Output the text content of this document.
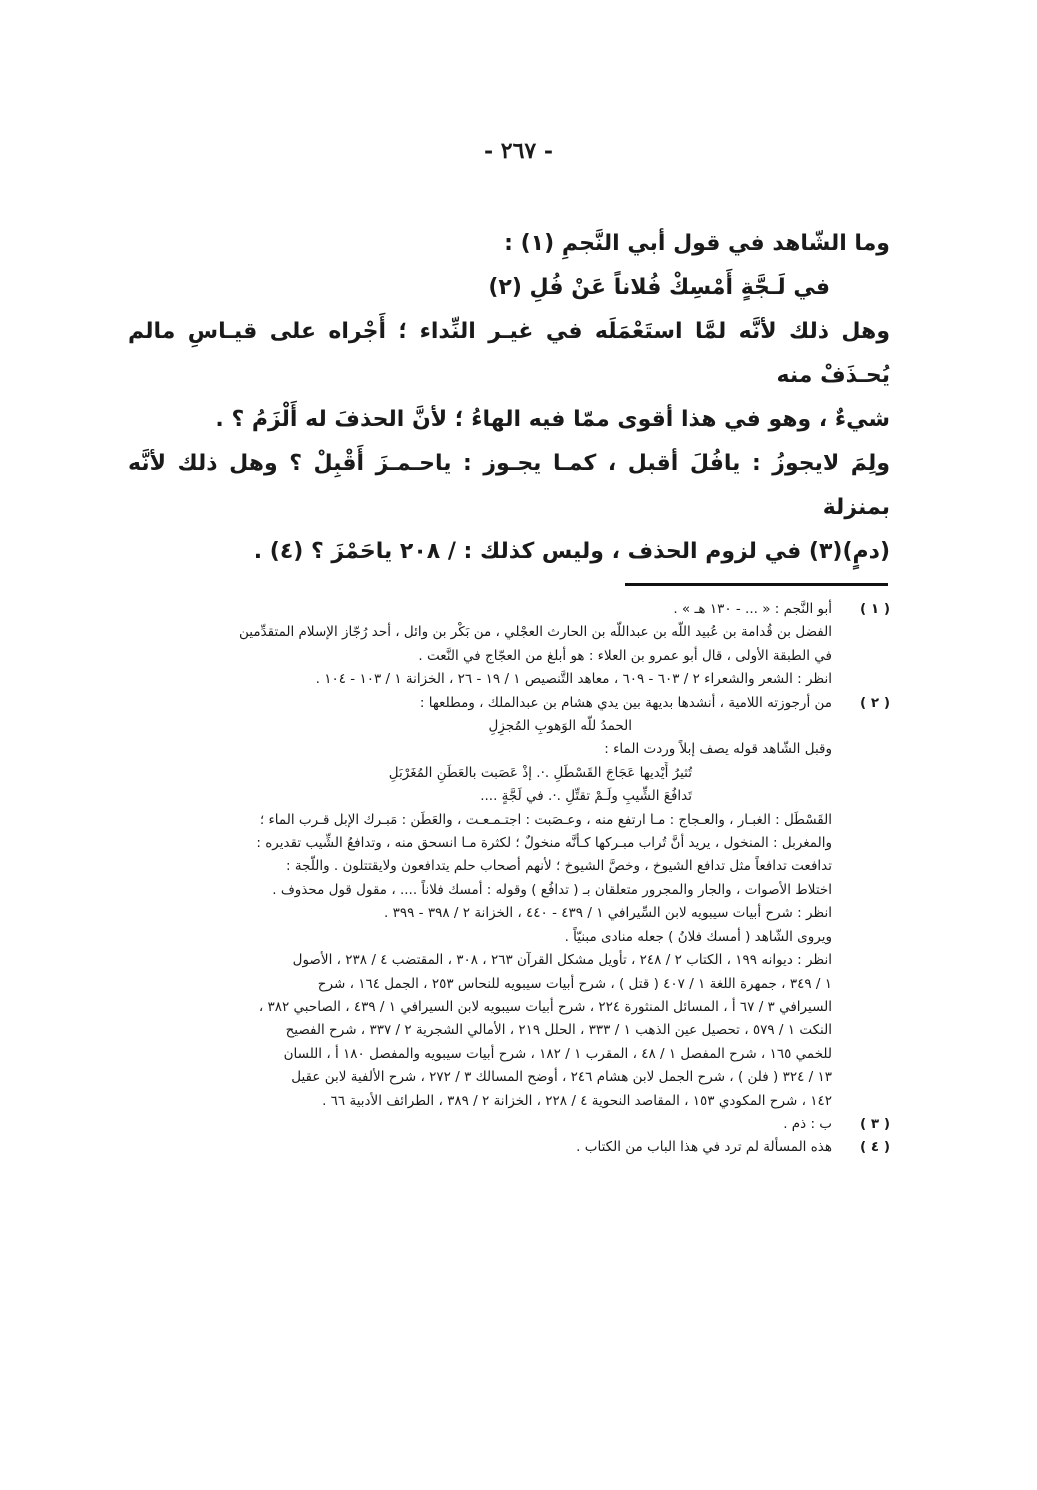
- ٢٦٧ -

وما الشّاهد في قول أبي النَّجمِ (١) :

في لَـجَّةٍ أَمْسِكْ فُلاناً عَنْ فُلِ (٢)

وهل ذلك لأنَّه لمَّا استَعْمَلَه في غيـر النِّداء ؛ أَجْراه على قيـاسِ مالم يُحـذَفْ منه

شيءٌ ، وهو في هذا أقوى ممّا فيه الهاءُ ؛ لأنَّ الحذفَ له أَلْزَمُ ؟ .

ولِمَ لايجوزُ : يافُلَ أقبل ، كمـا يجـوز : ياحـمـزَ أَقْبِلْ ؟ وهل ذلك لأنَّه بمنزلة

(دمٍ)(٣) في لزوم الحذف ، وليس كذلك : / ٢٠٨ ياحَمْزَ ؟ (٤) .

( ١ )
أبو النَّجم : « ... - ١٣٠ هـ » .
الفضل بن قُدامة بن عُبيد اللَّه بن عبداللَّه بن الحارث العجْلي ، من بَكْر بن وائل ، أحد رُجّاز الإسلام المتقدِّمين
في الطبقة الأولى ، قال أبو عمرو بن العلاء : هو أبلغ من العجّاج في النَّعت .
انظر : الشعر والشعراء ٢ / ٦٠٣ - ٦٠٩ ، معاهد التَّنصيص ١ / ١٩ - ٢٦ ، الخزانة ١ / ١٠٣ - ١٠٤ .
( ٢ )
من أرجوزته اللامية ، أنشدها بديهة بين يدي هشام بن عبدالملك ، ومطلعها :
الحمدُ للّه الوَهوبِ المُجزِلِ
وقبل الشّاهد قوله يصف إبلاً وردت الماء :
تُثيرُ أَيْديها عَجَاجَ القَسْطَلِ .·. إذْ عَصَبت بالعَطَنِ المُغَرْبَلِ
تَدافُعَ الشِّيبِ ولَـمْ تقتِّلِ .·. في لَجَّةٍ ....
القَسْطَل : الغبـار ، والعـجاج : مـا ارتفع منه ، وعـصَبت : اجتـمـعـت ، والعَطَن : مَبـرك الإبل قـرب الماء ؛
والمغربل : المنخول ، يريد أنَّ تُراب مبـركها كـأنَّه منخولٌ ؛ لكثرة مـا انسحق منه ، وتدافعُ الشِّيب تقديره :
تدافعت تدافعاً مثل تدافع الشيوخ ، وخصَّ الشيوخ ؛ لأنهم أصحاب حلم يتدافعون ولايقتتلون . واللَّجة :
اختلاط الأصوات ، والجار والمجرور متعلقان بـ ( تدافُع ) وقوله : أمسك فلاناً .... ، مقول قول محذوف .
انظر : شرح أبيات سيبويه لابن السِّيرافي ١ / ٤٣٩ - ٤٤٠ ، الخزانة ٢ / ٣٩٨ - ٣٩٩ .
ويروى الشّاهد ( أمسك فلانُ ) جعله منادى مبنيّاً .
انظر : ديوانه ١٩٩ ، الكتاب ٢ / ٢٤٨ ، تأويل مشكل القرآن ٢٦٣ ، ٣٠٨ ، المقتضب ٤ / ٢٣٨ ، الأصول
١ / ٣٤٩ ، جمهرة اللغة ١ / ٤٠٧ ( قتل ) ، شرح أبيات سيبويه للنحاس ٢٥٣ ، الجمل ١٦٤ ، شرح
السيرافي ٣ / ٦٧ أ ، المسائل المنثورة ٢٢٤ ، شرح أبيات سيبويه لابن السيرافي ١ / ٤٣٩ ، الصاحبي ٣٨٢ ،
النكت ١ / ٥٧٩ ، تحصيل عين الذهب ١ / ٣٣٣ ، الحلل ٢١٩ ، الأمالي الشجرية ٢ / ٣٣٧ ، شرح الفصيح
للخمي ١٦٥ ، شرح المفصل ١ / ٤٨ ، المقرب ١ / ١٨٢ ، شرح أبيات سيبويه والمفصل ١٨٠ أ ، اللسان
١٣ / ٣٢٤ ( فلن ) ، شرح الجمل لابن هشام ٢٤٦ ، أوضح المسالك ٣ / ٢٧٢ ، شرح الألفية لابن عقيل
١٤٢ ، شرح المكودي ١٥٣ ، المقاصد النحوية ٤ / ٢٢٨ ، الخزانة ٢ / ٣٨٩ ، الطرائف الأدبية ٦٦ .
( ٣ )
ب : ذم .
( ٤ )
هذه المسألة لم ترد في هذا الباب من الكتاب .
